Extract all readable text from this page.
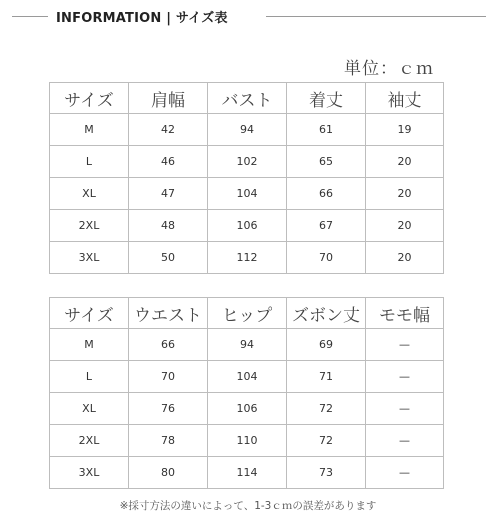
INFORMATION | サイズ表
単位：ｃｍ
サイズ	肩幅	バスト	着丈	袖丈
M	42	94	61	19
L	46	102	65	20
XL	47	104	66	20
2XL	48	106	67	20
3XL	50	112	70	20
サイズ	ウエスト	ヒップ	ズボン丈	モモ幅
M	66	94	69	—
L	70	104	71	—
XL	76	106	72	—
2XL	78	110	72	—
3XL	80	114	73	—
※採寸方法の違いによって、1-3ｃｍの誤差があります
